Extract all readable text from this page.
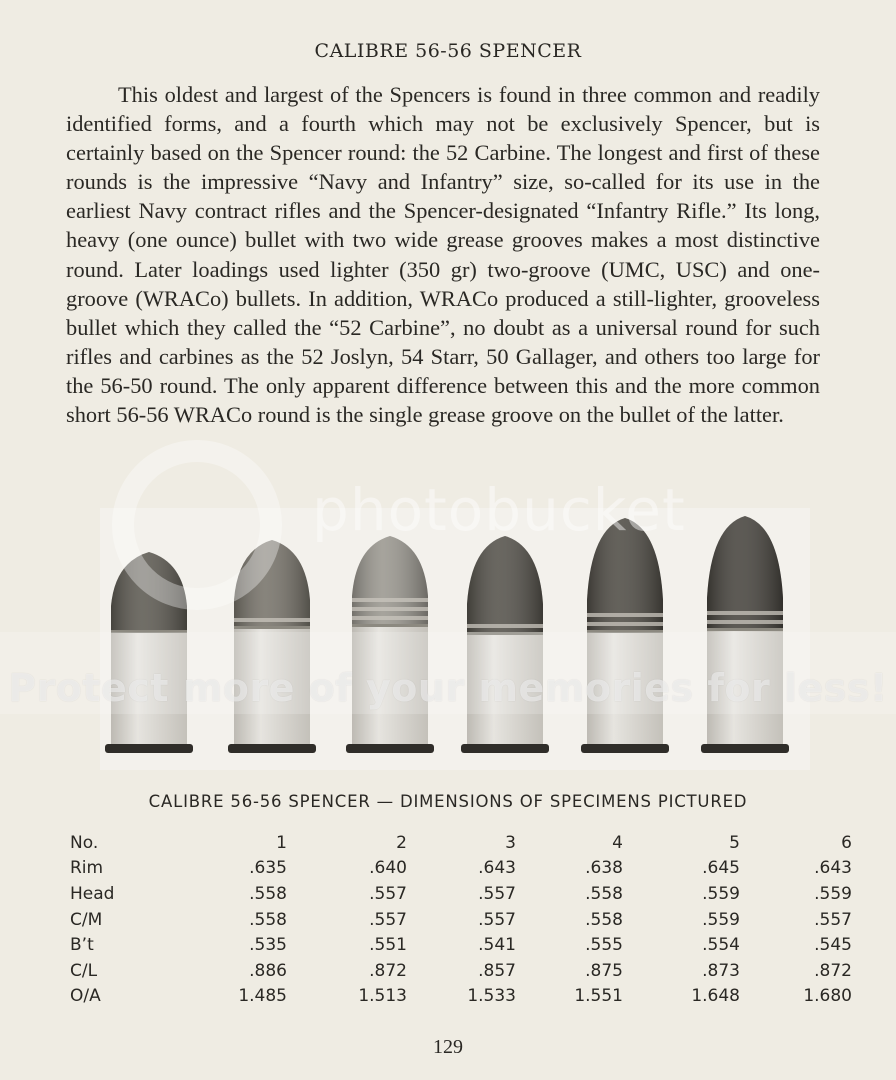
CALIBRE 56-56 SPENCER

This oldest and largest of the Spencers is found in three common and readily identified forms, and a fourth which may not be exclusively Spencer, but is certainly based on the Spencer round: the 52 Carbine. The longest and first of these rounds is the impressive “Navy and Infantry” size, so-called for its use in the earliest Navy contract rifles and the Spencer-designated “Infantry Rifle.” Its long, heavy (one ounce) bullet with two wide grease grooves makes a most distinctive round. Later loadings used lighter (350 gr) two-groove (UMC, USC) and one-groove (WRACo) bullets. In addition, WRACo produced a still-lighter, grooveless bullet which they called the “52 Carbine”, no doubt as a universal round for such rifles and carbines as the 52 Joslyn, 54 Starr, 50 Gallager, and others too large for the 56-50 round. The only apparent difference between this and the more common short 56-56 WRACo round is the single grease groove on the bullet of the latter.

photobucket
Protect more of your memories for less!
CALIBRE 56-56 SPENCER — DIMENSIONS OF SPECIMENS PICTURED
No.	1	2	3	4	5	6
Rim	.635	.640	.643	.638	.645	.643
Head	.558	.557	.557	.558	.559	.559
C/M	.558	.557	.557	.558	.559	.557
B’t	.535	.551	.541	.555	.554	.545
C/L	.886	.872	.857	.875	.873	.872
O/A	1.485	1.513	1.533	1.551	1.648	1.680
129
